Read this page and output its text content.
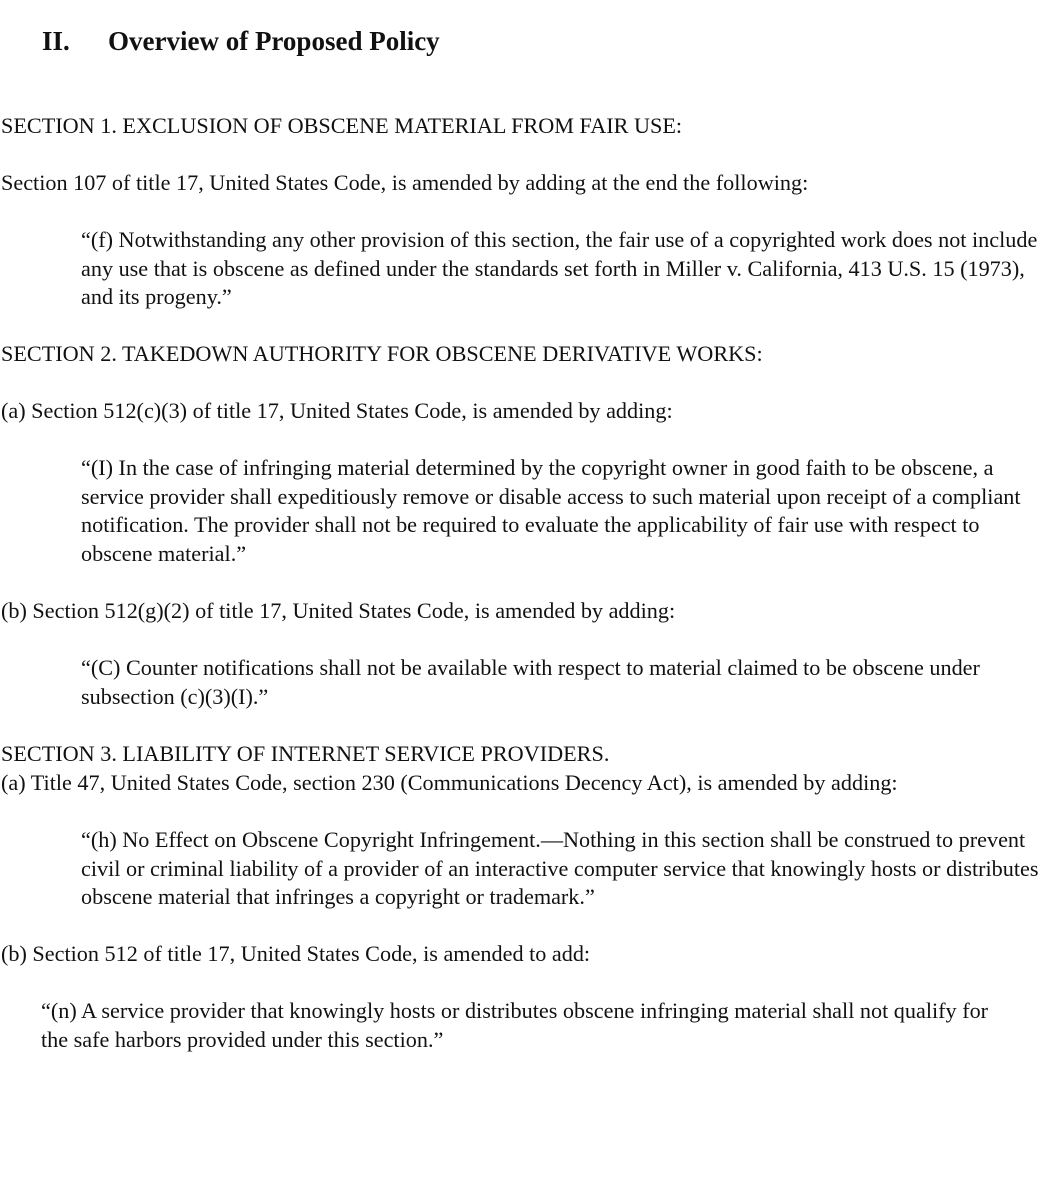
II. Overview of Proposed Policy
SECTION 1. EXCLUSION OF OBSCENE MATERIAL FROM FAIR USE:
Section 107 of title 17, United States Code, is amended by adding at the end the following:
“(f) Notwithstanding any other provision of this section, the fair use of a copyrighted work does not include any use that is obscene as defined under the standards set forth in Miller v. California, 413 U.S. 15 (1973), and its progeny.”
SECTION 2. TAKEDOWN AUTHORITY FOR OBSCENE DERIVATIVE WORKS:
(a) Section 512(c)(3) of title 17, United States Code, is amended by adding:
“(I) In the case of infringing material determined by the copyright owner in good faith to be obscene, a service provider shall expeditiously remove or disable access to such material upon receipt of a compliant notification. The provider shall not be required to evaluate the applicability of fair use with respect to obscene material.”
(b) Section 512(g)(2) of title 17, United States Code, is amended by adding:
“(C) Counter notifications shall not be available with respect to material claimed to be obscene under subsection (c)(3)(I).”
SECTION 3. LIABILITY OF INTERNET SERVICE PROVIDERS.
(a) Title 47, United States Code, section 230 (Communications Decency Act), is amended by adding:
“(h) No Effect on Obscene Copyright Infringement.—Nothing in this section shall be construed to prevent civil or criminal liability of a provider of an interactive computer service that knowingly hosts or distributes obscene material that infringes a copyright or trademark.”
(b) Section 512 of title 17, United States Code, is amended to add:
“(n) A service provider that knowingly hosts or distributes obscene infringing material shall not qualify for the safe harbors provided under this section.”
